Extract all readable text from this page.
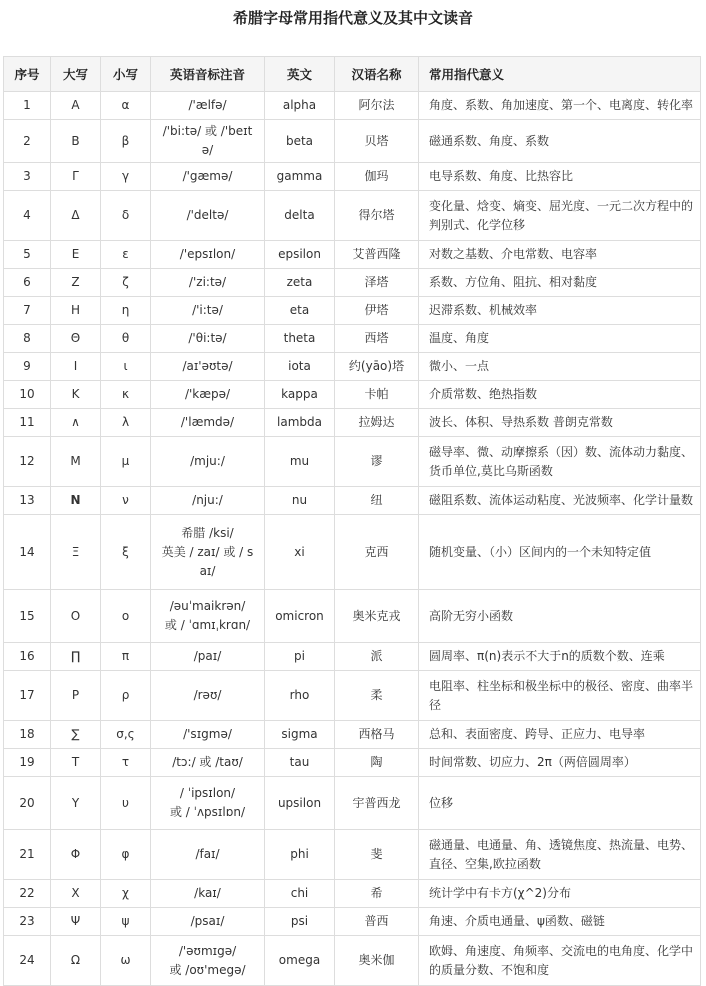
希腊字母常用指代意义及其中文读音
序号	大写	小写	英语音标注音	英文	汉语名称	常用指代意义
1	Α	α	/'ælfə/	alpha	阿尔法	角度、系数、角加速度、第一个、电离度、转化率
2	Β	β	/'bi:tə/ 或 /'beɪtə/	beta	贝塔	磁通系数、角度、系数
3	Γ	γ	/'gæmə/	gamma	伽玛	电导系数、角度、比热容比
4	Δ	δ	/'deltə/	delta	得尔塔	变化量、焓变、熵变、屈光度、一元二次方程中的判别式、化学位移
5	Ε	ε	/'epsɪlon/	epsilon	艾普西隆	对数之基数、介电常数、电容率
6	Ζ	ζ	/'zi:tə/	zeta	泽塔	系数、方位角、阻抗、相对黏度
7	Η	η	/'i:tə/	eta	伊塔	迟滞系数、机械效率
8	Θ	θ	/'θi:tə/	theta	西塔	温度、角度
9	Ι	ι	/aɪ'əʊtə/	iota	约(yāo)塔	微小、一点
10	Κ	κ	/'kæpə/	kappa	卡帕	介质常数、绝热指数
11	∧	λ	/'læmdə/	lambda	拉姆达	波长、体积、导热系数 普朗克常数
12	Μ	μ	/mju:/	mu	谬	磁导率、微、动摩擦系（因）数、流体动力黏度、货币单位,莫比乌斯函数
13	Ν	ν	/nju:/	nu	纽	磁阻系数、流体运动粘度、光波频率、化学计量数
14	Ξ	ξ	希腊 /ksi/
英美 / zaɪ/ 或 / s aɪ/	xi	克西	随机变量、（小）区间内的一个未知特定值
15	Ο	ο	/əuˈmaikrən/
或 / ˈɑmɪˌkrɑn/	omicron	奥米克戎	高阶无穷小函数
16	∏	π	/paɪ/	pi	派	圆周率、π(n)表示不大于n的质数个数、连乘
17	Ρ	ρ	/rəʊ/	rho	柔	电阻率、柱坐标和极坐标中的极径、密度、曲率半径
18	∑	σ,ς	/'sɪgmə/	sigma	西格马	总和、表面密度、跨导、正应力、电导率
19	Τ	τ	/tɔ:/ 或 /taʊ/	tau	陶	时间常数、切应力、2π（两倍圆周率）
20	Υ	υ	/ ˈipsɪlon/
或 / ˈʌpsɪlɒn/	upsilon	宇普西龙	位移
21	Φ	φ	/faɪ/	phi	斐	磁通量、电通量、角、透镜焦度、热流量、电势、直径、空集,欧拉函数
22	Χ	χ	/kaɪ/	chi	希	统计学中有卡方(χ^2)分布
23	Ψ	ψ	/psaɪ/	psi	普西	角速、介质电通量、ψ函数、磁链
24	Ω	ω	/'əʊmɪgə/
或 /oʊ'megə/	omega	奥米伽	欧姆、角速度、角频率、交流电的电角度、化学中的质量分数、不饱和度
